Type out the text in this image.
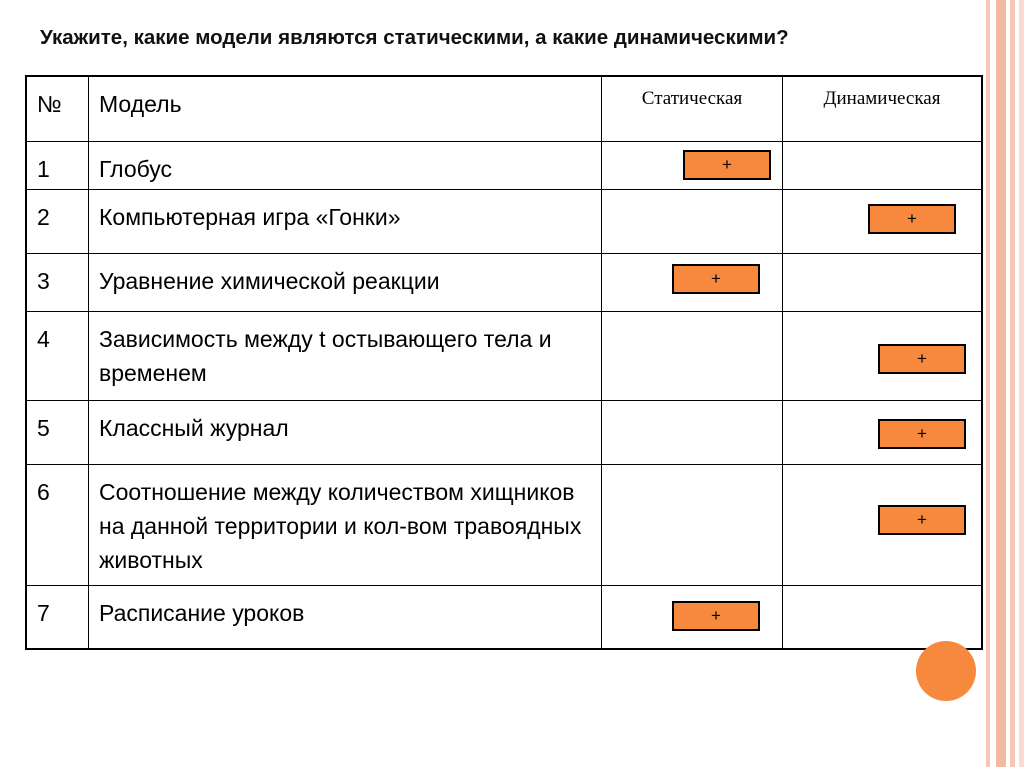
Укажите, какие модели являются статическими, а какие динамическими?
№	Модель	Статическая	Динамическая

1	Глобус	+	

2	Компьютерная игра «Гонки»		+

3	Уравнение химической реакции	+	

4	Зависимость между t остывающего тела и временем		+

5	Классный журнал		+

6	Соотношение между количеством хищников на данной территории и кол-вом травоядных животных		+

7	Расписание уроков	+	
